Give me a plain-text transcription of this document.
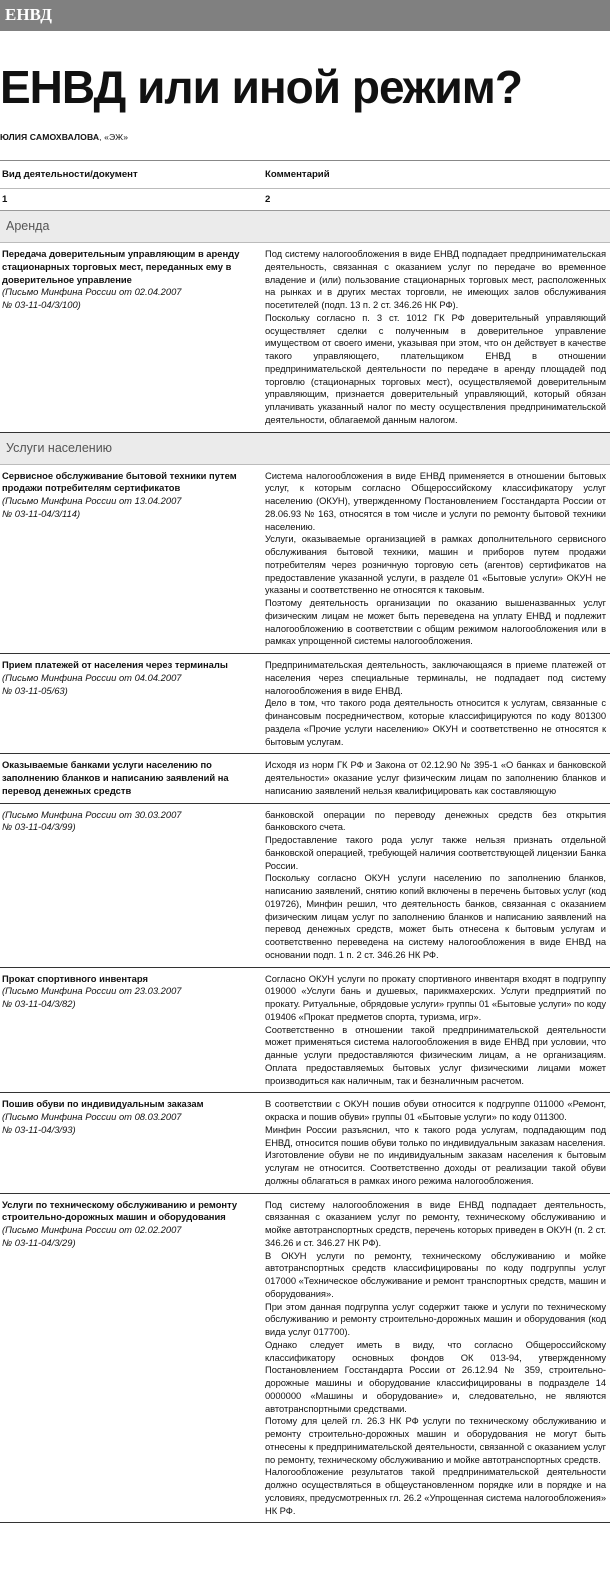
ЕНВД
ЕНВД или иной режим?
ЮЛИЯ САМОХВАЛОВА, «ЭЖ»
Вид деятельности/документ	Комментарий
1	2
Аренда
Передача доверительным управляющим в аренду стационарных торговых мест, переданных ему в доверительное управление
(Письмо Минфина России от 02.04.2007
№ 03-11-04/3/100)

Под систему налогообложения в виде ЕНВД подпадает предпринимательская деятельность, связанная с оказанием услуг по передаче во временное владение и (или) пользование стационарных торговых мест, расположенных на рынках и в других местах торговли, не имеющих залов обслуживания посетителей (подп. 13 п. 2 ст. 346.26 НК РФ).

Поскольку согласно п. 3 ст. 1012 ГК РФ доверительный управляющий осуществляет сделки с полученным в доверительное управление имуществом от своего имени, указывая при этом, что он действует в качестве такого управляющего, плательщиком ЕНВД в отношении предпринимательской деятельности по передаче в аренду площадей под торговлю (стационарных торговых мест), осуществляемой доверительным управляющим, признается доверительный управляющий, который обязан уплачивать указанный налог по месту осуществления предпринимательской деятельности, облагаемой данным налогом.

Услуги населению
Сервисное обслуживание бытовой техники путем продажи потребителям сертификатов
(Письмо Минфина России от 13.04.2007
№ 03-11-04/3/114)

Система налогообложения в виде ЕНВД применяется в отношении бытовых услуг, к которым согласно Общероссийскому классификатору услуг населению (ОКУН), утвержденному Постановлением Госстандарта России от 28.06.93 № 163, относятся в том числе и услуги по ремонту бытовой техники населению.

Услуги, оказываемые организацией в рамках дополнительного сервисного обслуживания бытовой техники, машин и приборов путем продажи потребителям через розничную торговую сеть (агентов) сертификатов на предоставление указанной услуги, в разделе 01 «Бытовые услуги» ОКУН не указаны и соответственно не относятся к таковым.

Поэтому деятельность организации по оказанию вышеназванных услуг физическим лицам не может быть переведена на уплату ЕНВД и подлежит налогообложению в соответствии с общим режимом налогообложения или в рамках упрощенной системы налогообложения.

Прием платежей от населения через терминалы
(Письмо Минфина России от 04.04.2007
№ 03-11-05/63)

Предпринимательская деятельность, заключающаяся в приеме платежей от населения через специальные терминалы, не подпадает под систему налогообложения в виде ЕНВД.

Дело в том, что такого рода деятельность относится к услугам, связанные с финансовым посредничеством, которые классифицируются по коду 801300 раздела «Прочие услуги населению» ОКУН и соответственно не относятся к бытовым услугам.

Оказываемые банками услуги населению по заполнению бланков и написанию заявлений на перевод денежных средств

Исходя из норм ГК РФ и Закона от 02.12.90 № 395-1 «О банках и банковской деятельности» оказание услуг физическим лицам по заполнению бланков и написанию заявлений нельзя квалифицировать как составляющую

(Письмо Минфина России от 30.03.2007
№ 03-11-04/3/99)

банковской операции по переводу денежных средств без открытия банковского счета.

Предоставление такого рода услуг также нельзя признать отдельной банковской операцией, требующей наличия соответствующей лицензии Банка России.

Поскольку согласно ОКУН услуги населению по заполнению бланков, написанию заявлений, снятию копий включены в перечень бытовых услуг (код 019726), Минфин решил, что деятельность банков, связанная с оказанием физическим лицам услуг по заполнению бланков и написанию заявлений на перевод денежных средств, может быть отнесена к бытовым услугам и соответственно переведена на систему налогообложения в виде ЕНВД на основании подп. 1 п. 2 ст. 346.26 НК РФ.

Прокат спортивного инвентаря
(Письмо Минфина России от 23.03.2007
№ 03-11-04/3/82)

Согласно ОКУН услуги по прокату спортивного инвентаря входят в подгруппу 019000 «Услуги бань и душевых, парикмахерских. Услуги предприятий по прокату. Ритуальные, обрядовые услуги» группы 01 «Бытовые услуги» по коду 019406 «Прокат предметов спорта, туризма, игр».

Соответственно в отношении такой предпринимательской деятельности может применяться система налогообложения в виде ЕНВД при условии, что данные услуги предоставляются физическим лицам, а не организациям. Оплата предоставляемых бытовых услуг физическими лицами может производиться как наличным, так и безналичным расчетом.

Пошив обуви по индивидуальным заказам
(Письмо Минфина России от 08.03.2007
№ 03-11-04/3/93)

В соответствии с ОКУН пошив обуви относится к подгруппе 011000 «Ремонт, окраска и пошив обуви» группы 01 «Бытовые услуги» по коду 011300.

Минфин России разъяснил, что к такого рода услугам, подпадающим под ЕНВД, относится пошив обуви только по индивидуальным заказам населения.

Изготовление обуви не по индивидуальным заказам населения к бытовым услугам не относится. Соответственно доходы от реализации такой обуви должны облагаться в рамках иного режима налогообложения.

Услуги по техническому обслуживанию и ремонту строительно-дорожных машин и оборудования
(Письмо Минфина России от 02.02.2007
№ 03-11-04/3/29)

Под систему налогообложения в виде ЕНВД подпадает деятельность, связанная с оказанием услуг по ремонту, техническому обслуживанию и мойке автотранспортных средств, перечень которых приведен в ОКУН (п. 2 ст. 346.26 и ст. 346.27 НК РФ).

В ОКУН услуги по ремонту, техническому обслуживанию и мойке автотранспортных средств классифицированы по коду подгруппы услуг 017000 «Техническое обслуживание и ремонт транспортных средств, машин и оборудования».

При этом данная подгруппа услуг содержит также и услуги по техническому обслуживанию и ремонту строительно-дорожных машин и оборудования (код вида услуг 017700).

Однако следует иметь в виду, что согласно Общероссийскому классификатору основных фондов ОК 013-94, утвержденному Постановлением Госстандарта России от 26.12.94 № 359, строительно-дорожные машины и оборудование классифицированы в подразделе 14 0000000 «Машины и оборудование» и, следовательно, не являются автотранспортными средствами.

Потому для целей гл. 26.3 НК РФ услуги по техническому обслуживанию и ремонту строительно-дорожных машин и оборудования не могут быть отнесены к предпринимательской деятельности, связанной с оказанием услуг по ремонту, техническому обслуживанию и мойке автотранспортных средств.

Налогообложение результатов такой предпринимательской деятельности должно осуществляться в общеустановленном порядке или в порядке и на условиях, предусмотренных гл. 26.2 «Упрощенная система налогообложения» НК РФ.
